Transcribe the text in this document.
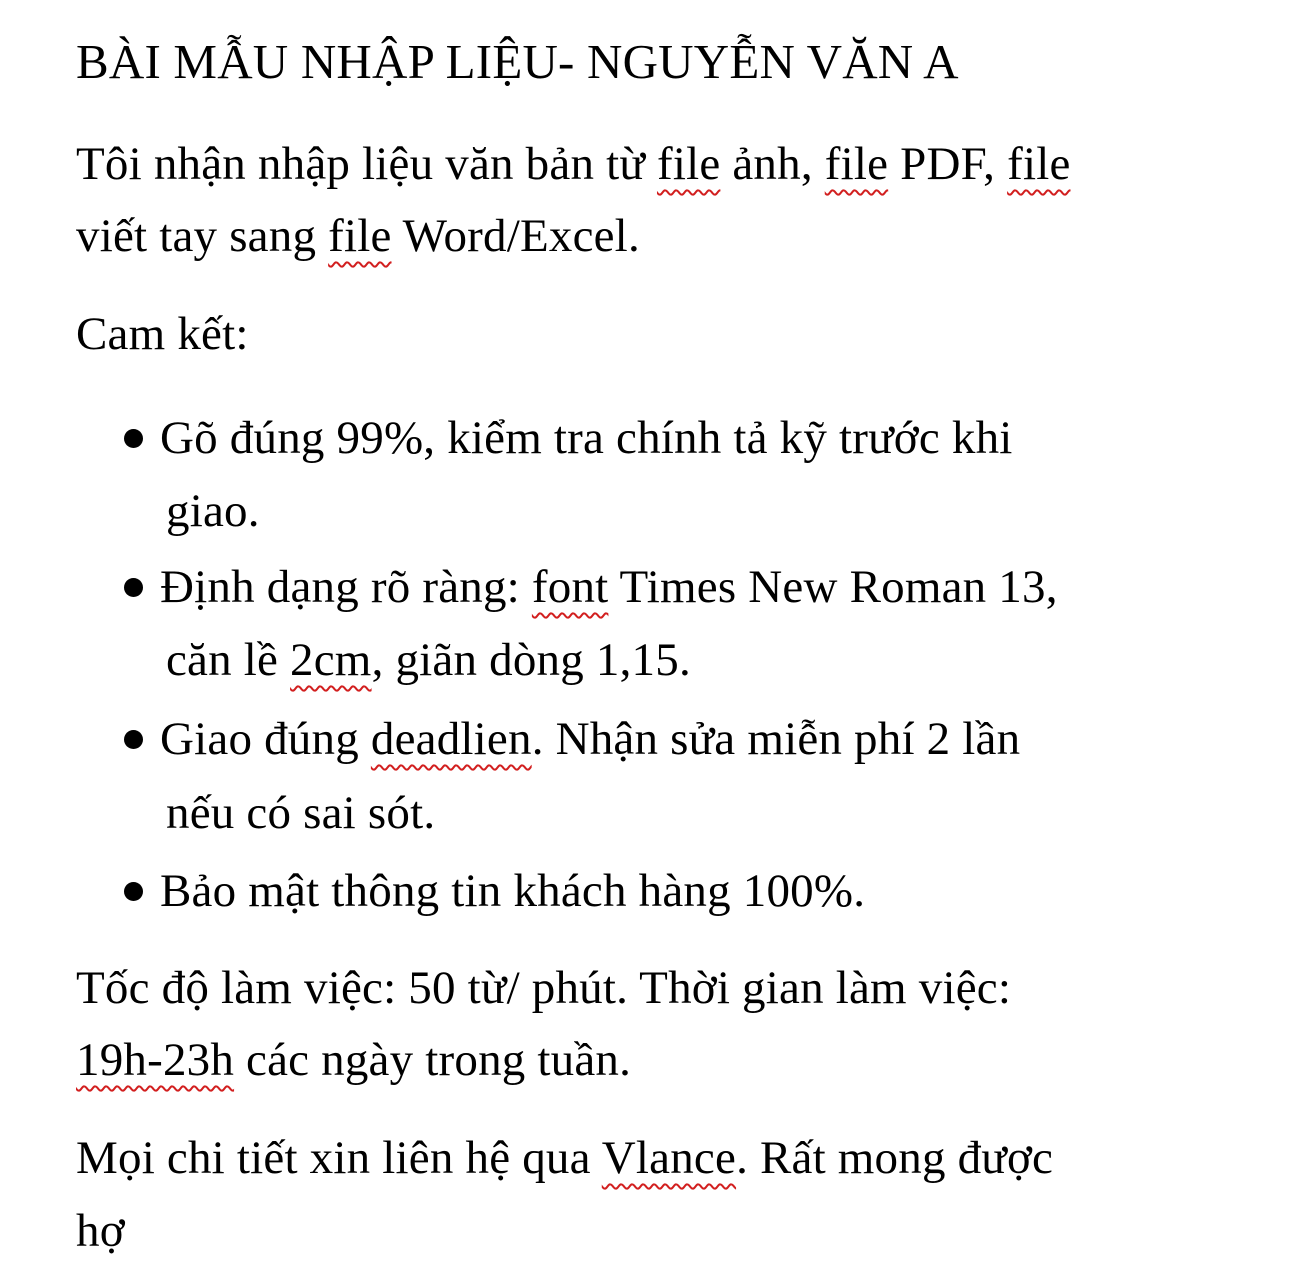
BÀI MẪU NHẬP LIỆU- NGUYỄN VĂN A
Tôi nhận nhập liệu văn bản từ file ảnh, file PDF, file
viết tay sang file Word/Excel.
Cam kết:
Gõ đúng 99%, kiểm tra chính tả kỹ trước khi
giao.
Định dạng rõ ràng: font Times New Roman 13,
căn lề 2cm, giãn dòng 1,15.
Giao đúng deadlien. Nhận sửa miễn phí 2 lần
nếu có sai sót.
Bảo mật thông tin khách hàng 100%.
Tốc độ làm việc: 50 từ/ phút. Thời gian làm việc:
19h-23h các ngày trong tuần.
Mọi chi tiết xin liên hệ qua Vlance. Rất mong được
hợ
